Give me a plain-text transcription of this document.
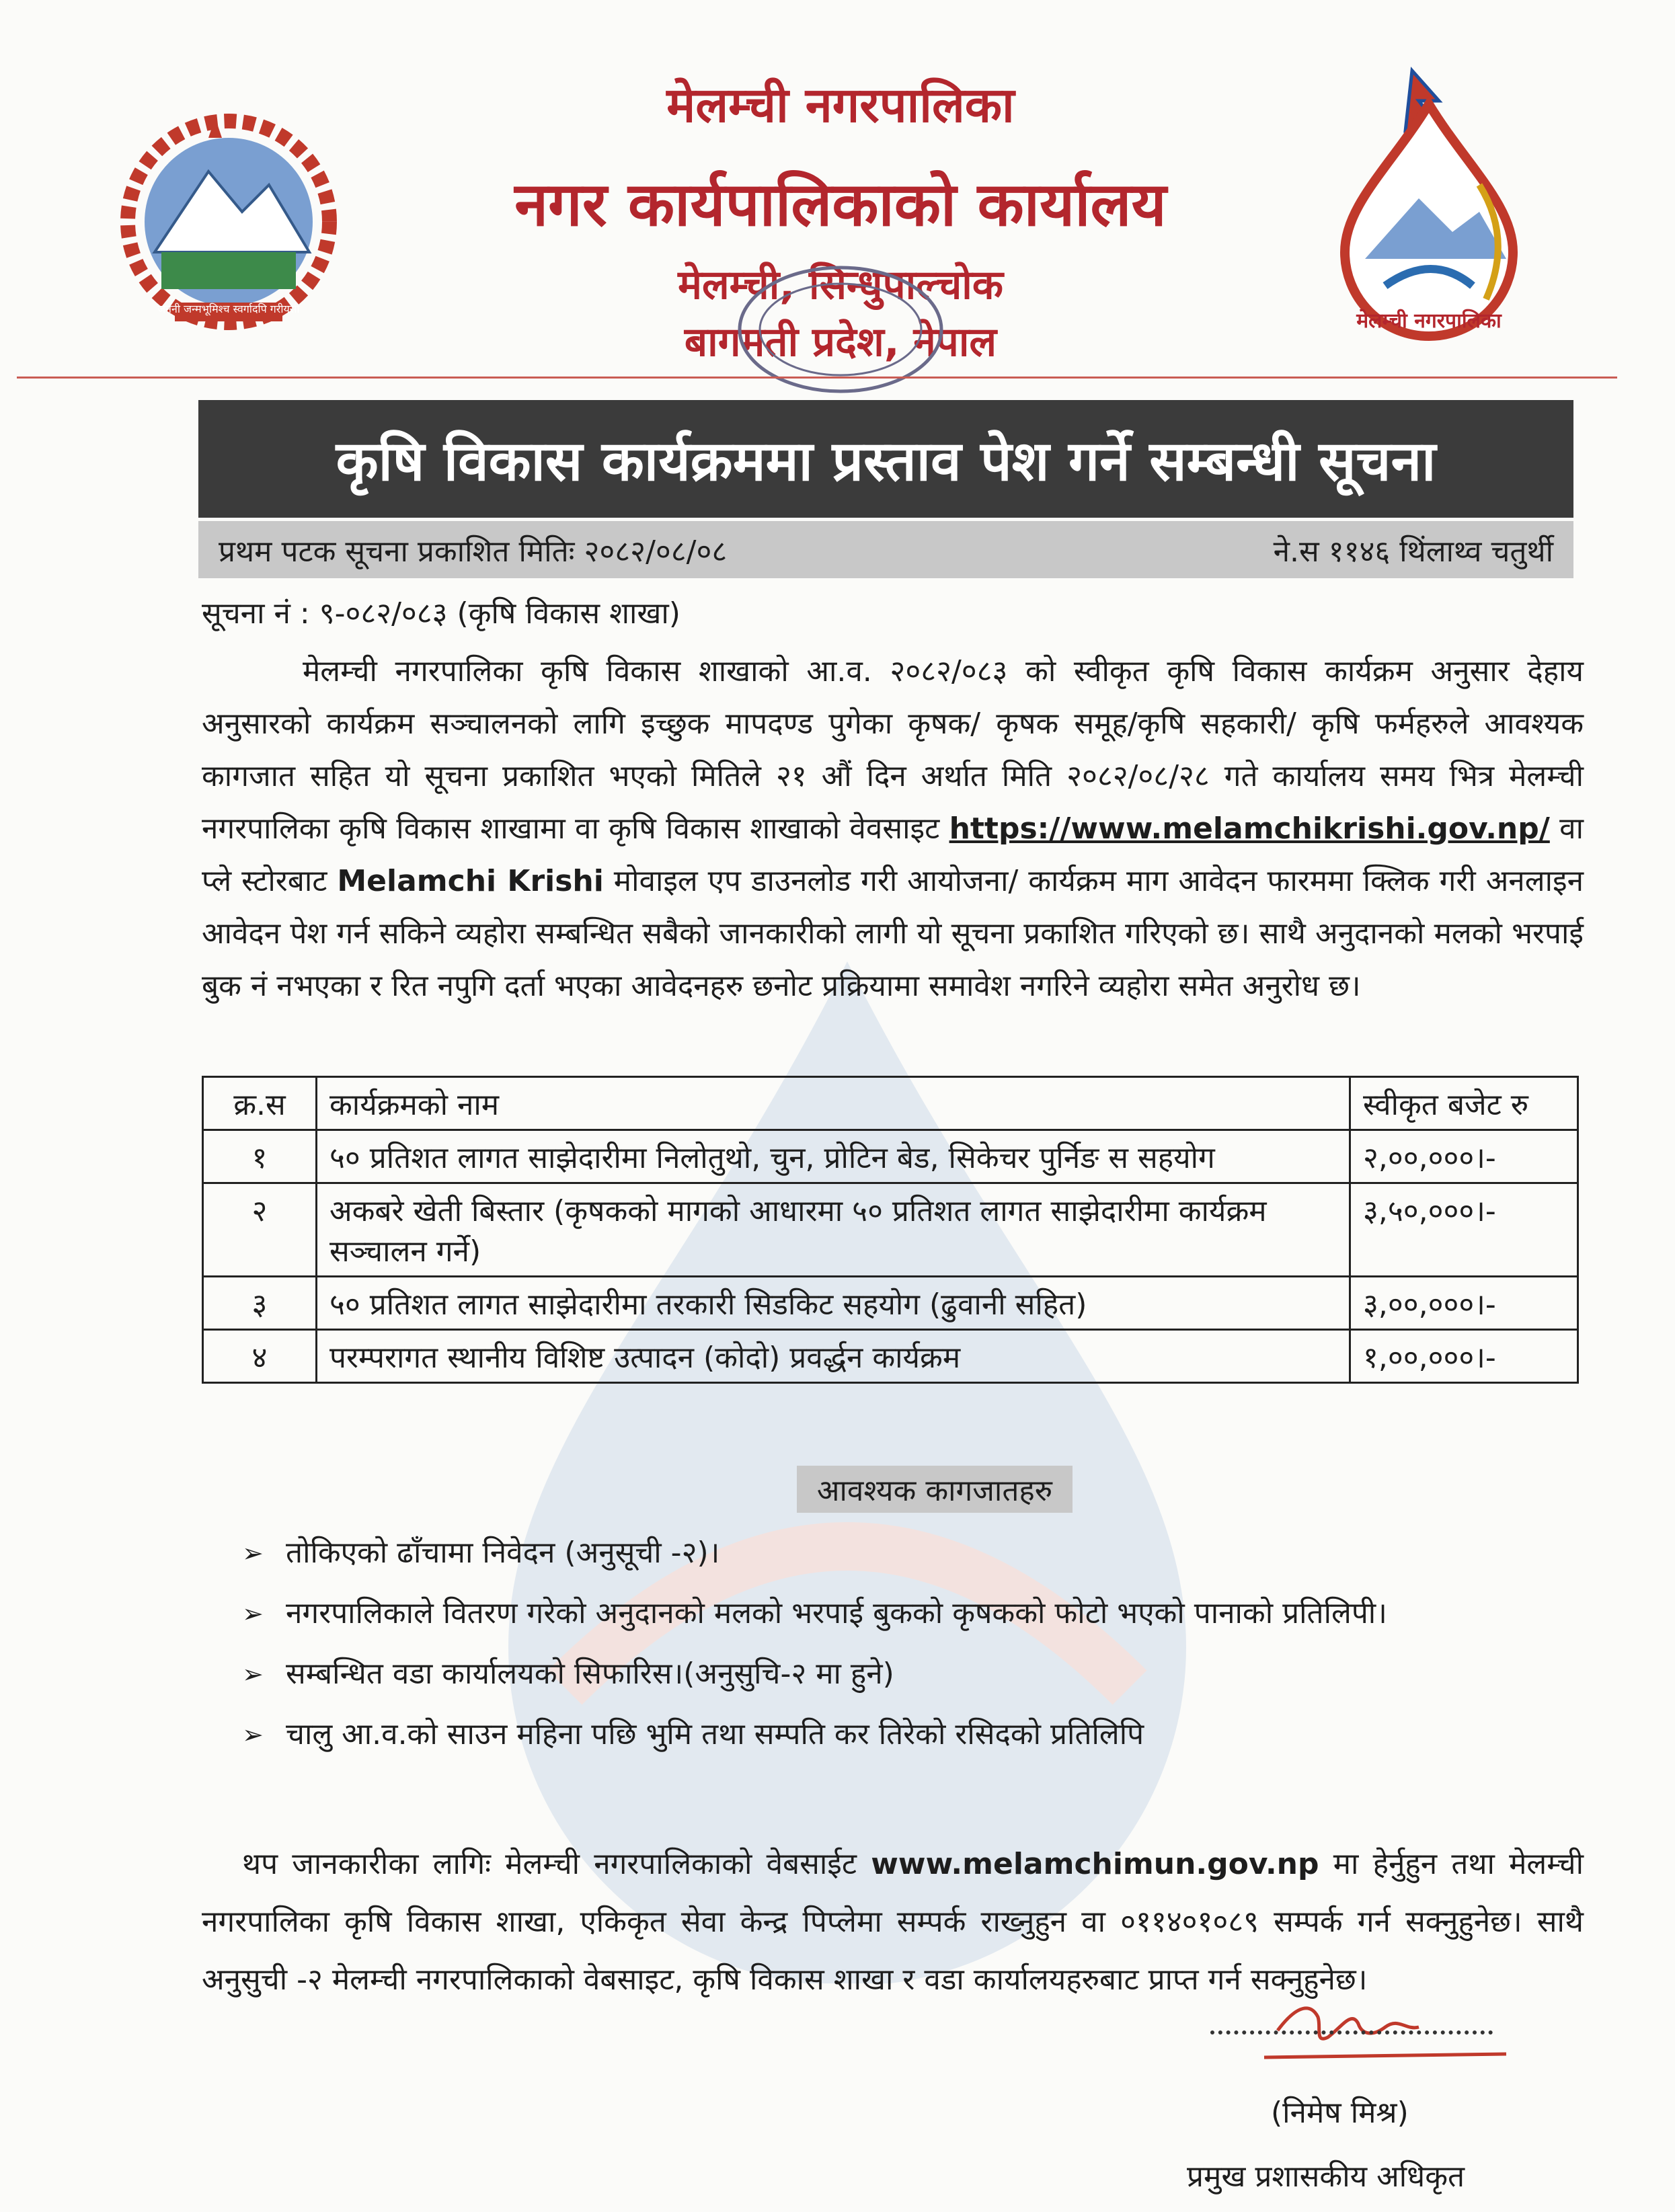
जननी जन्मभूमिश्च स्वर्गादपि गरीयसी
मेलम्ची नगरपालिका
मेलम्ची नगरपालिका
नगर कार्यपालिकाको कार्यालय
मेलम्ची, सिन्धुपाल्चोक
बागमती प्रदेश, नेपाल
कृषि विकास कार्यक्रममा प्रस्ताव पेश गर्ने सम्बन्धी सूचना
प्रथम पटक सूचना प्रकाशित मितिः २०८२/०८/०८	ने.स ११४६ थिंलाथ्व चतुर्थी
सूचना नं : ९-०८२/०८३ (कृषि विकास शाखा)

मेलम्ची नगरपालिका कृषि विकास शाखाको आ.व. २०८२/०८३ को स्वीकृत कृषि विकास कार्यक्रम अनुसार देहाय अनुसारको कार्यक्रम सञ्चालनको लागि इच्छुक मापदण्ड पुगेका कृषक/ कृषक समूह/कृषि सहकारी/ कृषि फर्महरुले आवश्यक कागजात सहित यो सूचना प्रकाशित भएको मितिले २१ औं दिन अर्थात मिति २०८२/०८/२८ गते कार्यालय समय भित्र मेलम्ची नगरपालिका कृषि विकास शाखामा वा कृषि विकास शाखाको वेवसाइट https://www.melamchikrishi.gov.np/ वा प्ले स्टोरबाट Melamchi Krishi मोवाइल एप डाउनलोड गरी आयोजना/ कार्यक्रम माग आवेदन फारममा क्लिक गरी अनलाइन आवेदन पेश गर्न सकिने व्यहोरा सम्बन्धित सबैको जानकारीको लागी यो सूचना प्रकाशित गरिएको छ। साथै अनुदानको मलको भरपाई बुक नं नभएका र रित नपुगि दर्ता भएका आवेदनहरु छनोट प्रक्रियामा समावेश नगरिने व्यहोरा समेत अनुरोध छ।

क्र.स	कार्यक्रमको नाम	स्वीकृत बजेट रु
१	५० प्रतिशत लागत साझेदारीमा निलोतुथो, चुन, प्रोटिन बेड, सिकेचर पुर्निङ स सहयोग	२,००,०००।-
२	अकबरे खेती बिस्तार (कृषकको मागको आधारमा ५० प्रतिशत लागत साझेदारीमा कार्यक्रम सञ्चालन गर्ने)	३,५०,०००।-
३	५० प्रतिशत लागत साझेदारीमा तरकारी सिडकिट सहयोग (ढुवानी सहित)	३,००,०००।-
४	परम्परागत स्थानीय विशिष्ट उत्पादन (कोदो) प्रवर्द्धन कार्यक्रम	१,००,०००।-
आवश्यक कागजातहरु
➢ तोकिएको ढाँचामा निवेदन (अनुसूची -२)।
➢ नगरपालिकाले वितरण गरेको अनुदानको मलको भरपाई बुकको कृषकको फोटो भएको पानाको प्रतिलिपी।
➢ सम्बन्धित वडा कार्यालयको सिफारिस।(अनुसुचि-२ मा हुने)
➢ चालु आ.व.को साउन महिना पछि भुमि तथा सम्पति कर तिरेको रसिदको प्रतिलिपि

थप जानकारीका लागिः मेलम्ची नगरपालिकाको वेबसाईट www.melamchimun.gov.np मा हेर्नुहुन तथा मेलम्ची नगरपालिका कृषि विकास शाखा, एकिकृत सेवा केन्द्र पिप्लेमा सम्पर्क राख्नुहुन वा ०११४०१०८९ सम्पर्क गर्न सक्नुहुनेछ। साथै अनुसुची -२ मेलम्ची नगरपालिकाको वेबसाइट, कृषि विकास शाखा र वडा कार्यालयहरुबाट प्राप्त गर्न सक्नुहुनेछ।

(निमेष मिश्र)
प्रमुख प्रशासकीय अधिकृत
